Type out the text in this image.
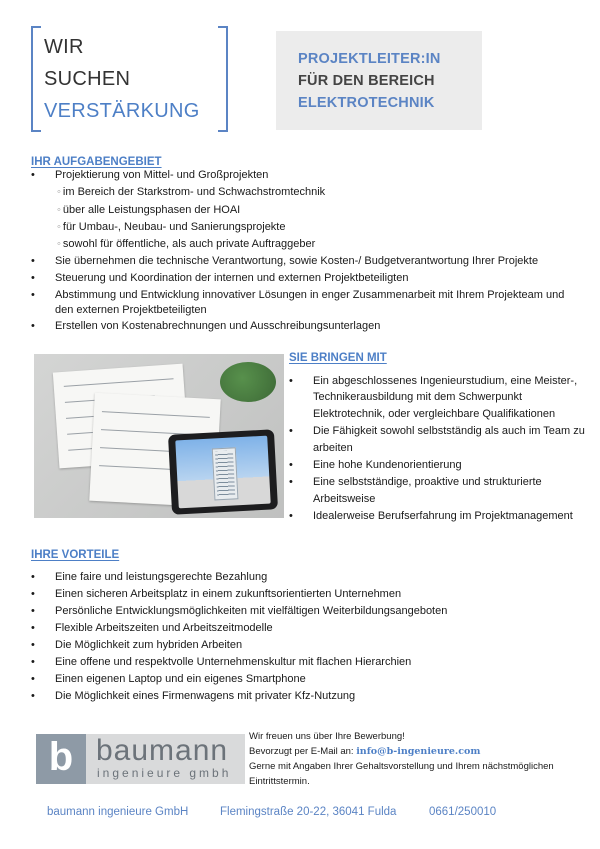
WIR
SUCHEN
VERSTÄRKUNG
PROJEKTLEITER:IN
FÜR DEN BEREICH
ELEKTROTECHNIK
IHR AUFGABENGEBIET
• Projektierung von Mittel- und Großprojekten
◦ im Bereich der Starkstrom- und Schwachstromtechnik
◦ über alle Leistungsphasen der HOAI
◦ für Umbau-, Neubau- und Sanierungsprojekte
◦ sowohl für öffentliche, als auch private Auftraggeber
• Sie übernehmen die technische Verantwortung, sowie Kosten-/ Budgetverantwortung Ihrer Projekte
• Steuerung und Koordination der internen und externen Projektbeteiligten
• Abstimmung und Entwicklung innovativer Lösungen in enger Zusammenarbeit mit Ihrem Projekteam und
den externen Projektbeteiligten
• Erstellen von Kostenabrechnungen und Ausschreibungsunterlagen
SIE BRINGEN MIT
• Ein abgeschlossenes Ingenieurstudium, eine Meister-,
Technikerausbildung mit dem Schwerpunkt
Elektrotechnik, oder vergleichbare Qualifikationen
• Die Fähigkeit sowohl selbstständig als auch im Team zu
arbeiten
• Eine hohe Kundenorientierung
• Eine selbstständige, proaktive und strukturierte
Arbeitsweise
• Idealerweise Berufserfahrung im Projektmanagement
IHRE VORTEILE
• Eine faire und leistungsgerechte Bezahlung
• Einen sicheren Arbeitsplatz in einem zukunftsorientierten Unternehmen
• Persönliche Entwicklungsmöglichkeiten mit vielfältigen Weiterbildungsangeboten
• Flexible Arbeitszeiten und Arbeitszeitmodelle
• Die Möglichkeit zum hybriden Arbeiten
• Eine offene und respektvolle Unternehmenskultur mit flachen Hierarchien
• Einen eigenen Laptop und ein eigenes Smartphone
• Die Möglichkeit eines Firmenwagens mit privater Kfz-Nutzung
b baumann
ingenieure gmbh
Wir freuen uns über Ihre Bewerbung!
Bevorzugt per E-Mail an: info@b-ingenieure.com
Gerne mit Angaben Ihrer Gehaltsvorstellung und Ihrem nächstmöglichen
Eintrittstermin.
baumann ingenieure GmbH	Flemingstraße 20-22, 36041 Fulda	0661/250010
